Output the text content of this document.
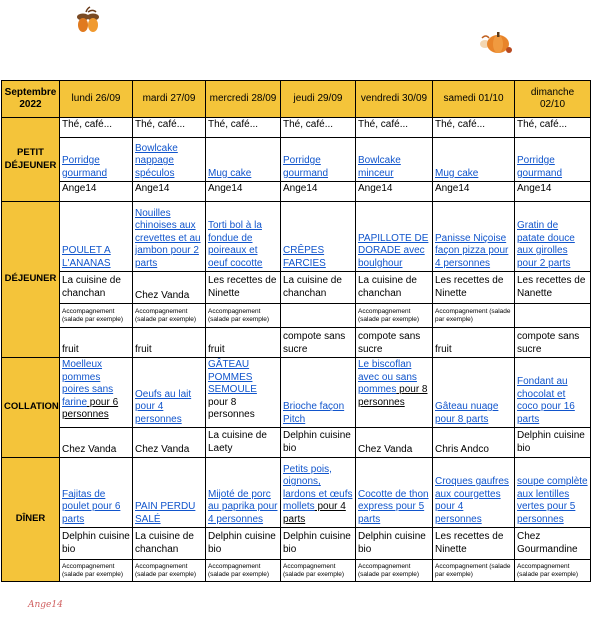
Septembre 2022	lundi 26/09	mardi 27/09	mercredi 28/09	jeudi 29/09	vendredi 30/09	samedi 01/10	dimanche 02/10
PETIT DÉJEUNER	Thé, café...	Thé, café...	Thé, café...	Thé, café...	Thé, café...	Thé, café...	Thé, café...
	Porridge gourmand	Bowlcake nappage spéculos	Mug cake	Porridge gourmand	Bowlcake minceur	Mug cake	Porridge gourmand
	Ange14	Ange14	Ange14	Ange14	Ange14	Ange14	Ange14
DÉJEUNER	POULET A L'ANANAS	Nouilles chinoises aux crevettes et au jambon pour 2 parts	Torti bol à la fondue de poireaux et oeuf cocotte	CRÊPES FARCIES	PAPILLOTE DE DORADE avec boulghour	Panisse Niçoise façon pizza pour 4 personnes	Gratin de patate douce aux girolles pour 2 parts
	La cuisine de chanchan	Chez Vanda	Les recettes de Ninette	La cuisine de chanchan	La cuisine de chanchan	Les recettes de Ninette	Les recettes de Nanette
	Accompagnement (salade par exemple)	Accompagnement (salade par exemple)	Accompagnement (salade par exemple)		Accompagnement (salade par exemple)	Accompagnement (salade par exemple)	
	fruit	fruit	fruit	compote sans sucre	compote sans sucre	fruit	compote sans sucre
COLLATION	Moelleux pommes poires sans farine pour 6 personnes	Oeufs au lait pour 4 personnes	GÂTEAU POMMES SEMOULE pour 8 personnes	Brioche façon Pitch	Le biscoflan avec ou sans pommes pour 8 personnes	Gâteau nuage pour 8 parts	Fondant au chocolat et coco pour 16 parts
	Chez Vanda	Chez Vanda	La cuisine de Laety	Delphin cuisine bio	Chez Vanda	Chris Andco	Delphin cuisine bio
DÎNER	Fajitas de poulet pour 6 parts	PAIN PERDU SALÉ	Mijoté de porc au paprika pour 4 personnes	Petits pois, oignons, lardons et œufs mollets pour 4 parts	Cocotte de thon express pour 5 parts	Croques gaufres aux courgettes pour 4 personnes	soupe complète aux lentilles vertes pour 5 personnes
	Delphin cuisine bio	La cuisine de chanchan	Delphin cuisine bio	Delphin cuisine bio	Delphin cuisine bio	Les recettes de Ninette	Chez Gourmandine
	Accompagnement (salade par exemple)	Accompagnement (salade par exemple)	Accompagnement (salade par exemple)	Accompagnement (salade par exemple)	Accompagnement (salade par exemple)	Accompagnement (salade par exemple)	Accompagnement (salade par exemple)
Ange14
